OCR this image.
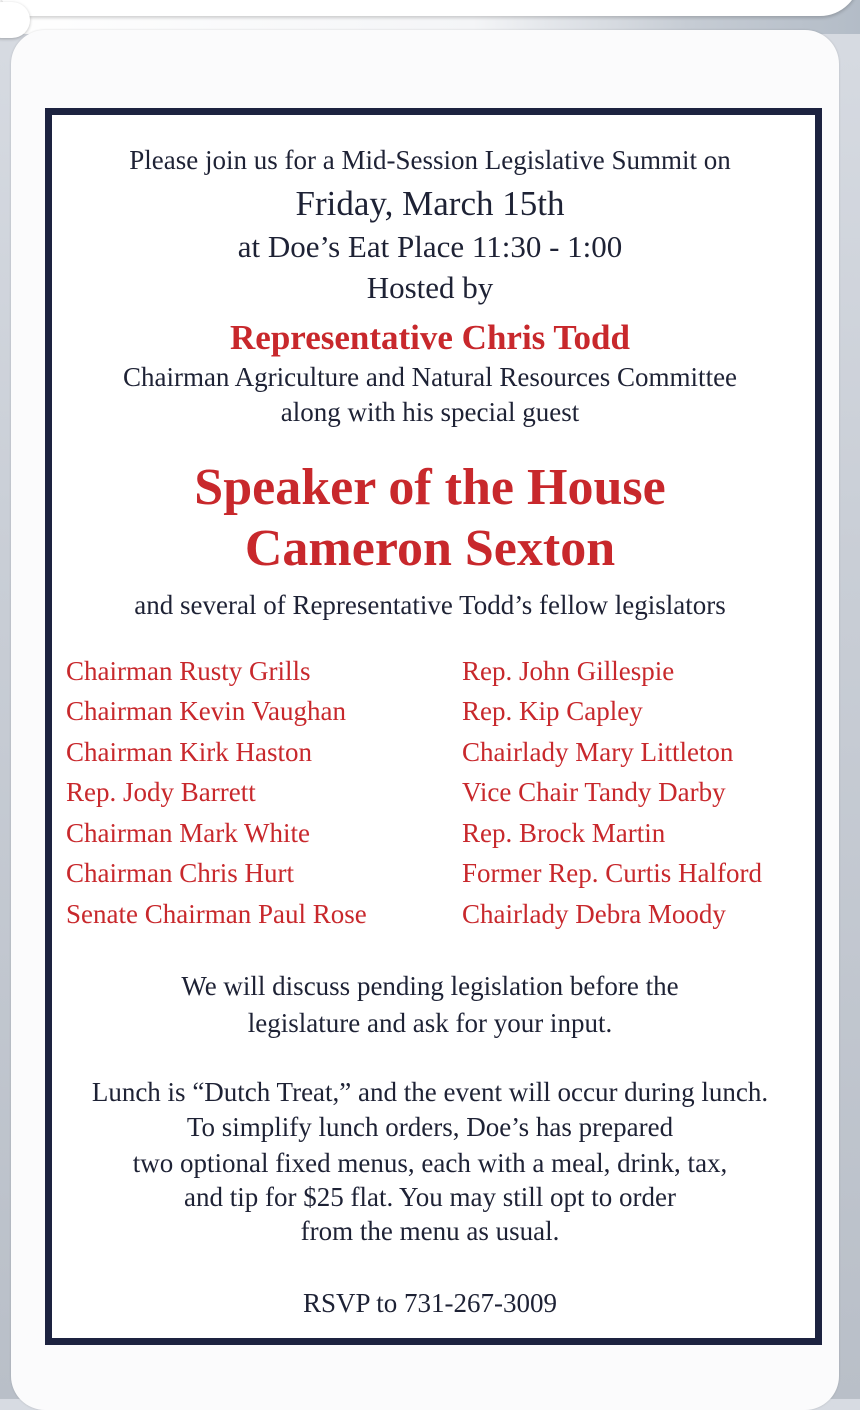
Please join us for a Mid-Session Legislative Summit on
Friday, March 15th
at Doe’s Eat Place 11:30 - 1:00
Hosted by
Representative Chris Todd
Chairman Agriculture and Natural Resources Committee
along with his special guest
Speaker of the House
Cameron Sexton
and several of Representative Todd’s fellow legislators
Chairman Rusty Grills
Chairman Kevin Vaughan
Chairman Kirk Haston
Rep. Jody Barrett
Chairman Mark White
Chairman Chris Hurt
Senate Chairman Paul Rose
Rep. John Gillespie
Rep. Kip Capley
Chairlady Mary Littleton
Vice Chair Tandy Darby
Rep. Brock Martin
Former Rep. Curtis Halford
Chairlady Debra Moody
We will discuss pending legislation before the
legislature and ask for your input.
Lunch is “Dutch Treat,” and the event will occur during lunch.
To simplify lunch orders, Doe’s has prepared
two optional fixed menus, each with a meal, drink, tax,
and tip for $25 flat. You may still opt to order
from the menu as usual.
RSVP to 731-267-3009
